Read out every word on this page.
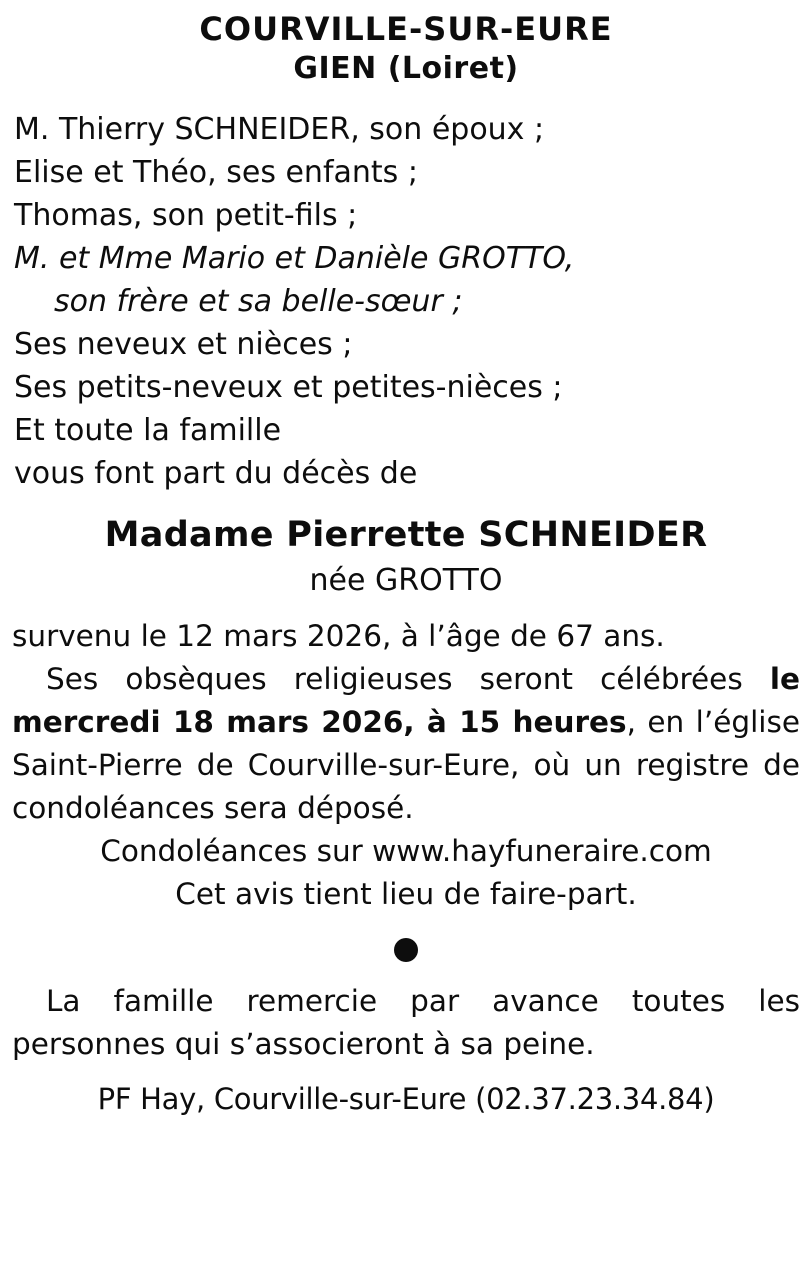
COURVILLE-SUR-EURE
GIEN (Loiret)
M. Thierry SCHNEIDER, son époux ;
Elise et Théo, ses enfants ;
Thomas, son petit-fils ;
M. et Mme Mario et Danièle GROTTO,
son frère et sa belle-sœur ;
Ses neveux et nièces ;
Ses petits-neveux et petites-nièces ;
Et toute la famille
vous font part du décès de
Madame Pierrette SCHNEIDER
née GROTTO

survenu le 12 mars 2026, à l’âge de 67 ans.

Ses obsèques religieuses seront célébrées le mercredi 18 mars 2026, à 15 heures, en l’église Saint-Pierre de Courville-sur-Eure, où un registre de condoléances sera déposé.

Condoléances sur www.hayfuneraire.com
Cet avis tient lieu de faire-part.

La famille remercie par avance toutes les personnes qui s’associeront à sa peine.

PF Hay, Courville-sur-Eure (02.37.23.34.84)
